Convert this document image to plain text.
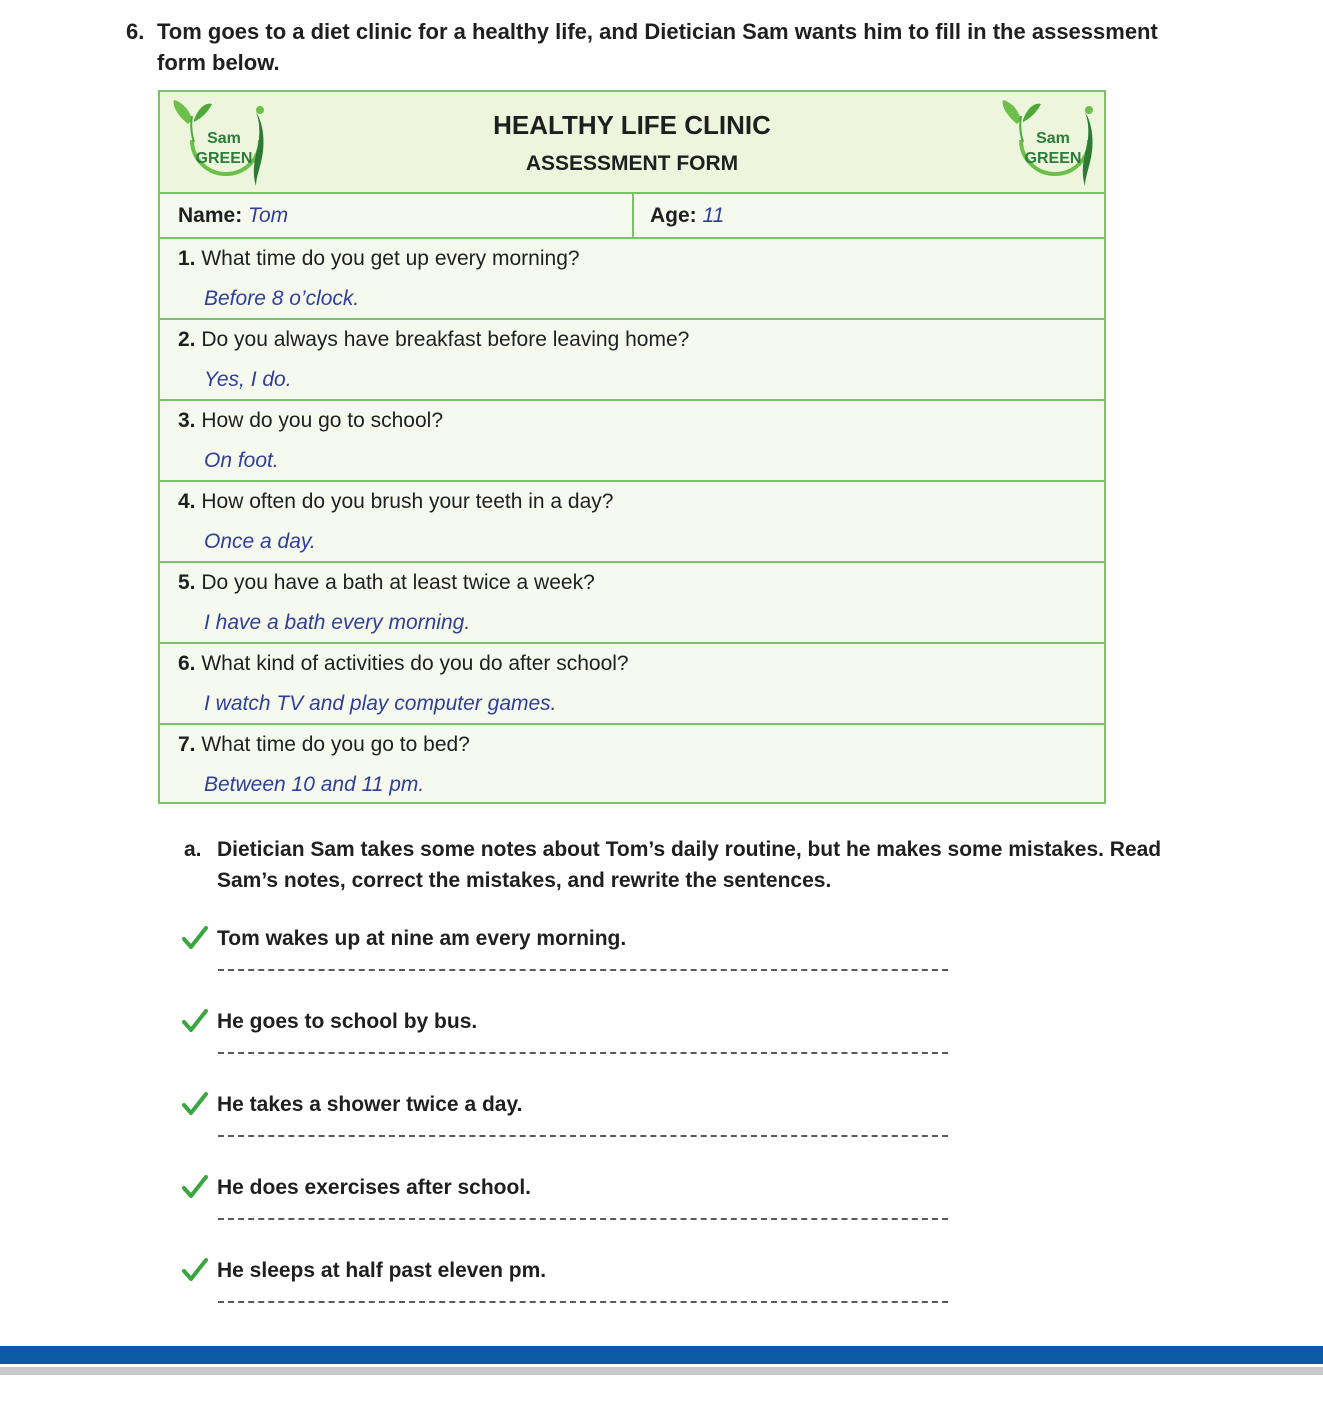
6. Tom goes to a diet clinic for a healthy life, and Dietician Sam wants him to fill in the assessment form below.
Sam
GREEN
HEALTHY LIFE CLINIC
ASSESSMENT FORM
Sam
GREEN
Name: Tom	Age: 11
1. What time do you get up every morning?
Before 8 o’clock.
2. Do you always have breakfast before leaving home?
Yes, I do.
3. How do you go to school?
On foot.
4. How often do you brush your teeth in a day?
Once a day.
5. Do you have a bath at least twice a week?
I have a bath every morning.
6. What kind of activities do you do after school?
I watch TV and play computer games.
7. What time do you go to bed?
Between 10 and 11 pm.
a. Dietician Sam takes some notes about Tom’s daily routine, but he makes some mistakes. Read Sam’s notes, correct the mistakes, and rewrite the sentences.
Tom wakes up at nine am every morning.
He goes to school by bus.
He takes a shower twice a day.
He does exercises after school.
He sleeps at half past eleven pm.
